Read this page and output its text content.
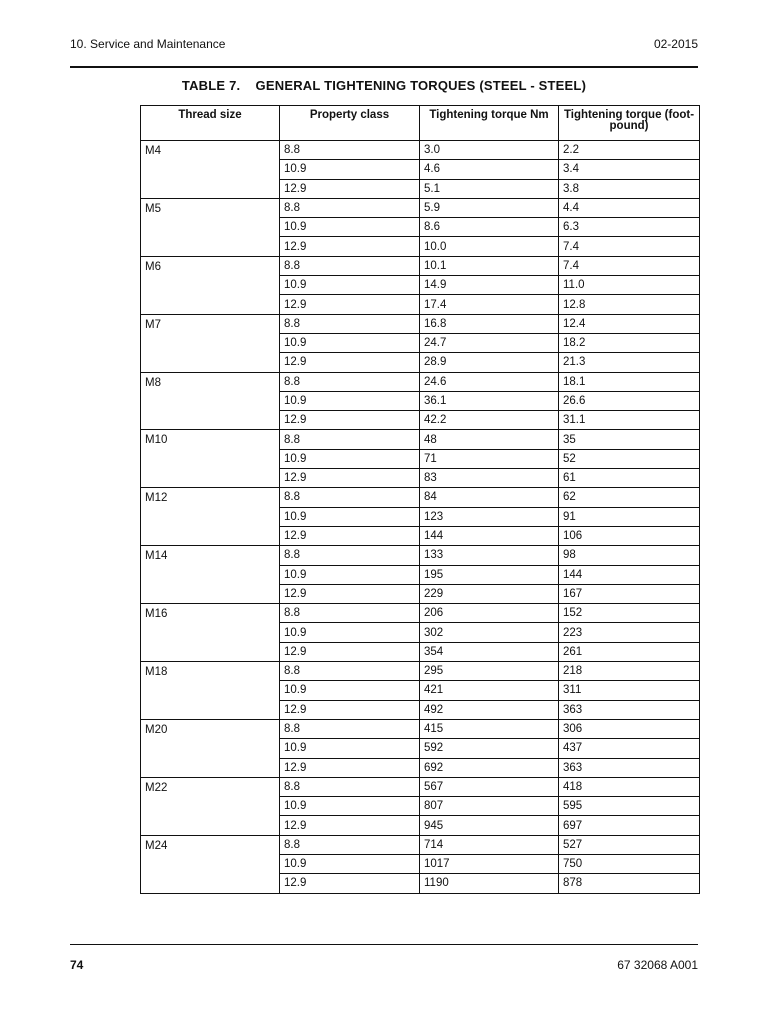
10. Service and Maintenance	02-2015
TABLE 7.    GENERAL TIGHTENING TORQUES (STEEL - STEEL)
Thread size	Property class	Tightening torque Nm	Tightening torque (foot-pound)
M4	8.8	3.0	2.2
	10.9	4.6	3.4
	12.9	5.1	3.8
M5	8.8	5.9	4.4
	10.9	8.6	6.3
	12.9	10.0	7.4
M6	8.8	10.1	7.4
	10.9	14.9	11.0
	12.9	17.4	12.8
M7	8.8	16.8	12.4
	10.9	24.7	18.2
	12.9	28.9	21.3
M8	8.8	24.6	18.1
	10.9	36.1	26.6
	12.9	42.2	31.1
M10	8.8	48	35
	10.9	71	52
	12.9	83	61
M12	8.8	84	62
	10.9	123	91
	12.9	144	106
M14	8.8	133	98
	10.9	195	144
	12.9	229	167
M16	8.8	206	152
	10.9	302	223
	12.9	354	261
M18	8.8	295	218
	10.9	421	311
	12.9	492	363
M20	8.8	415	306
	10.9	592	437
	12.9	692	363
M22	8.8	567	418
	10.9	807	595
	12.9	945	697
M24	8.8	714	527
	10.9	1017	750
	12.9	1190	878
74	67 32068 A001
